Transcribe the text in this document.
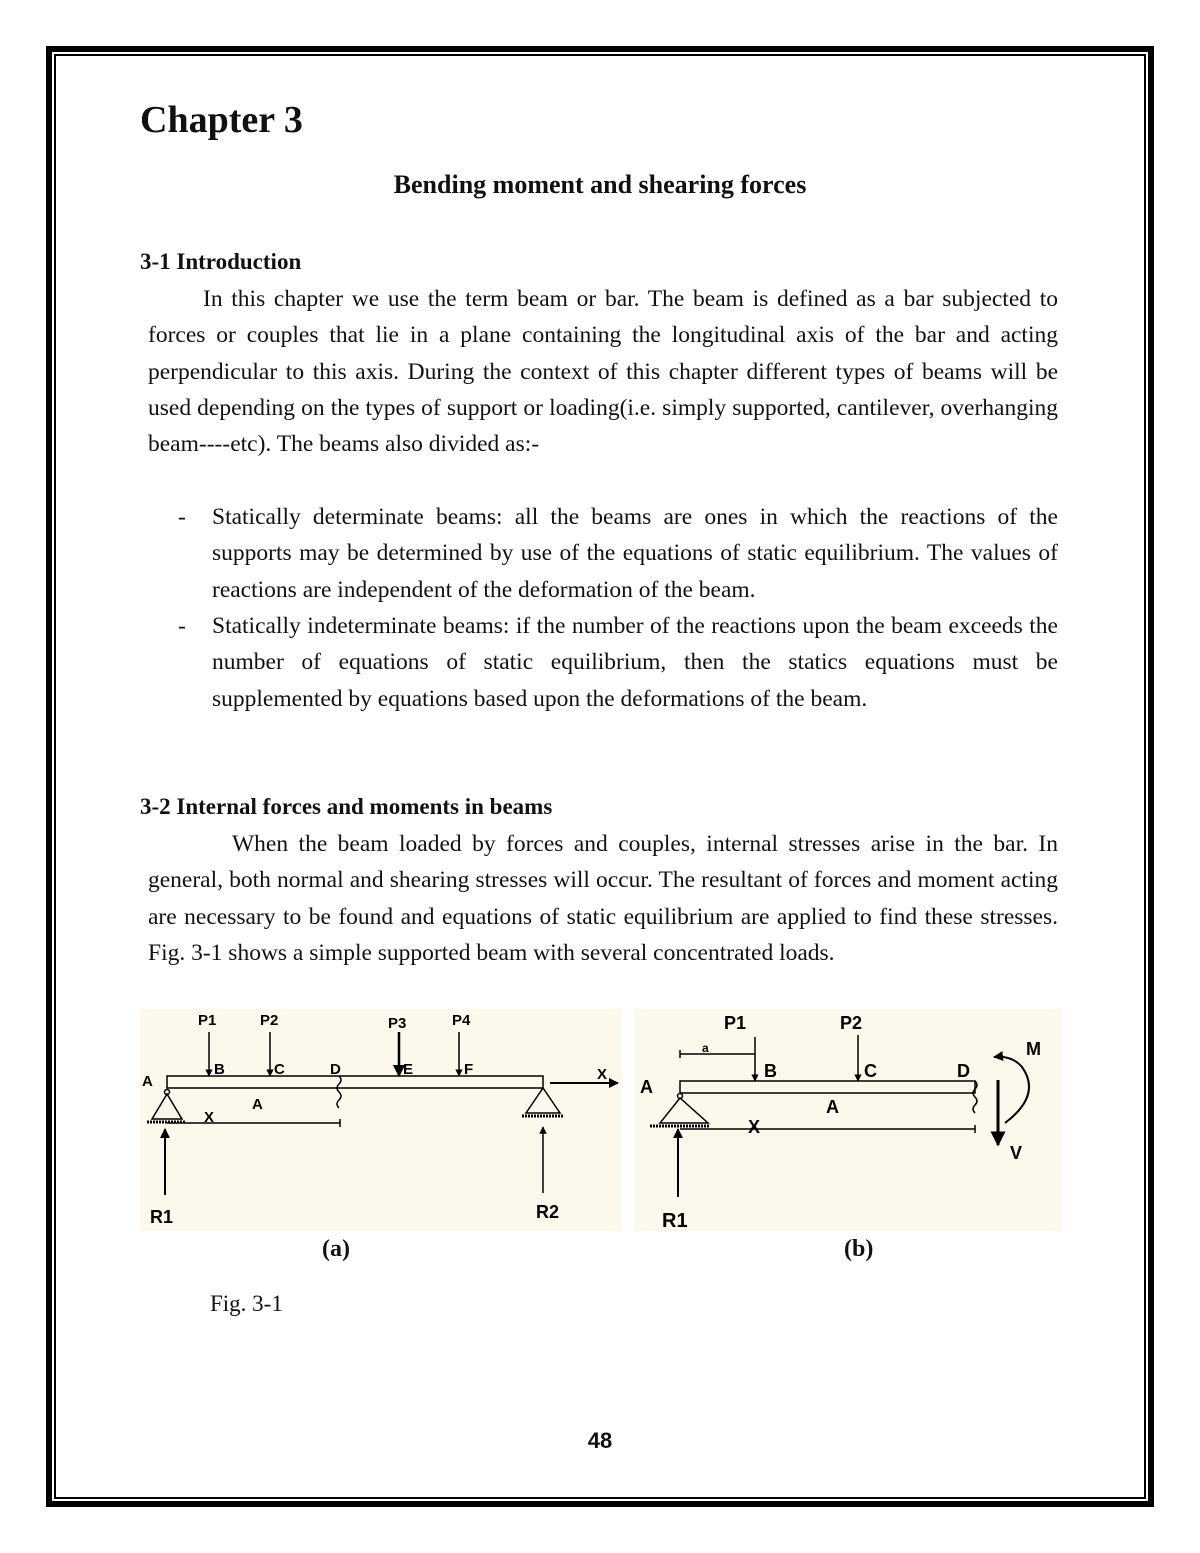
Chapter 3
Bending moment and shearing forces
3-1 Introduction
In this chapter we use the term beam or bar. The beam is defined as a bar subjected to forces or couples that lie in a plane containing the longitudinal axis of the bar and acting perpendicular to this axis. During the context of this chapter different types of beams will be used depending on the types of support or loading(i.e. simply supported, cantilever, overhanging beam----etc). The beams also divided as:-
- Statically determinate beams: all the beams are ones in which the reactions of the supports may be determined by use of the equations of static equilibrium. The values of reactions are independent of the deformation of the beam.
- Statically indeterminate beams: if the number of the reactions upon the beam exceeds the number of equations of static equilibrium, then the statics equations must be supplemented by equations based upon the deformations of the beam.
3-2 Internal forces and moments in beams
When the beam loaded by forces and couples, internal stresses arise in the bar. In general, both normal and shearing stresses will occur. The resultant of forces and moment acting are necessary to be found and equations of static equilibrium are applied to find these stresses. Fig. 3-1 shows a simple supported beam with several concentrated loads.
P1	P2	P3	P4
B	C	D	E	F
A
A
X
X
R1	R2
P1	P2
a
B	C	D
A
A
X
R1
M
V
(a)	(b)
Fig. 3-1
48
